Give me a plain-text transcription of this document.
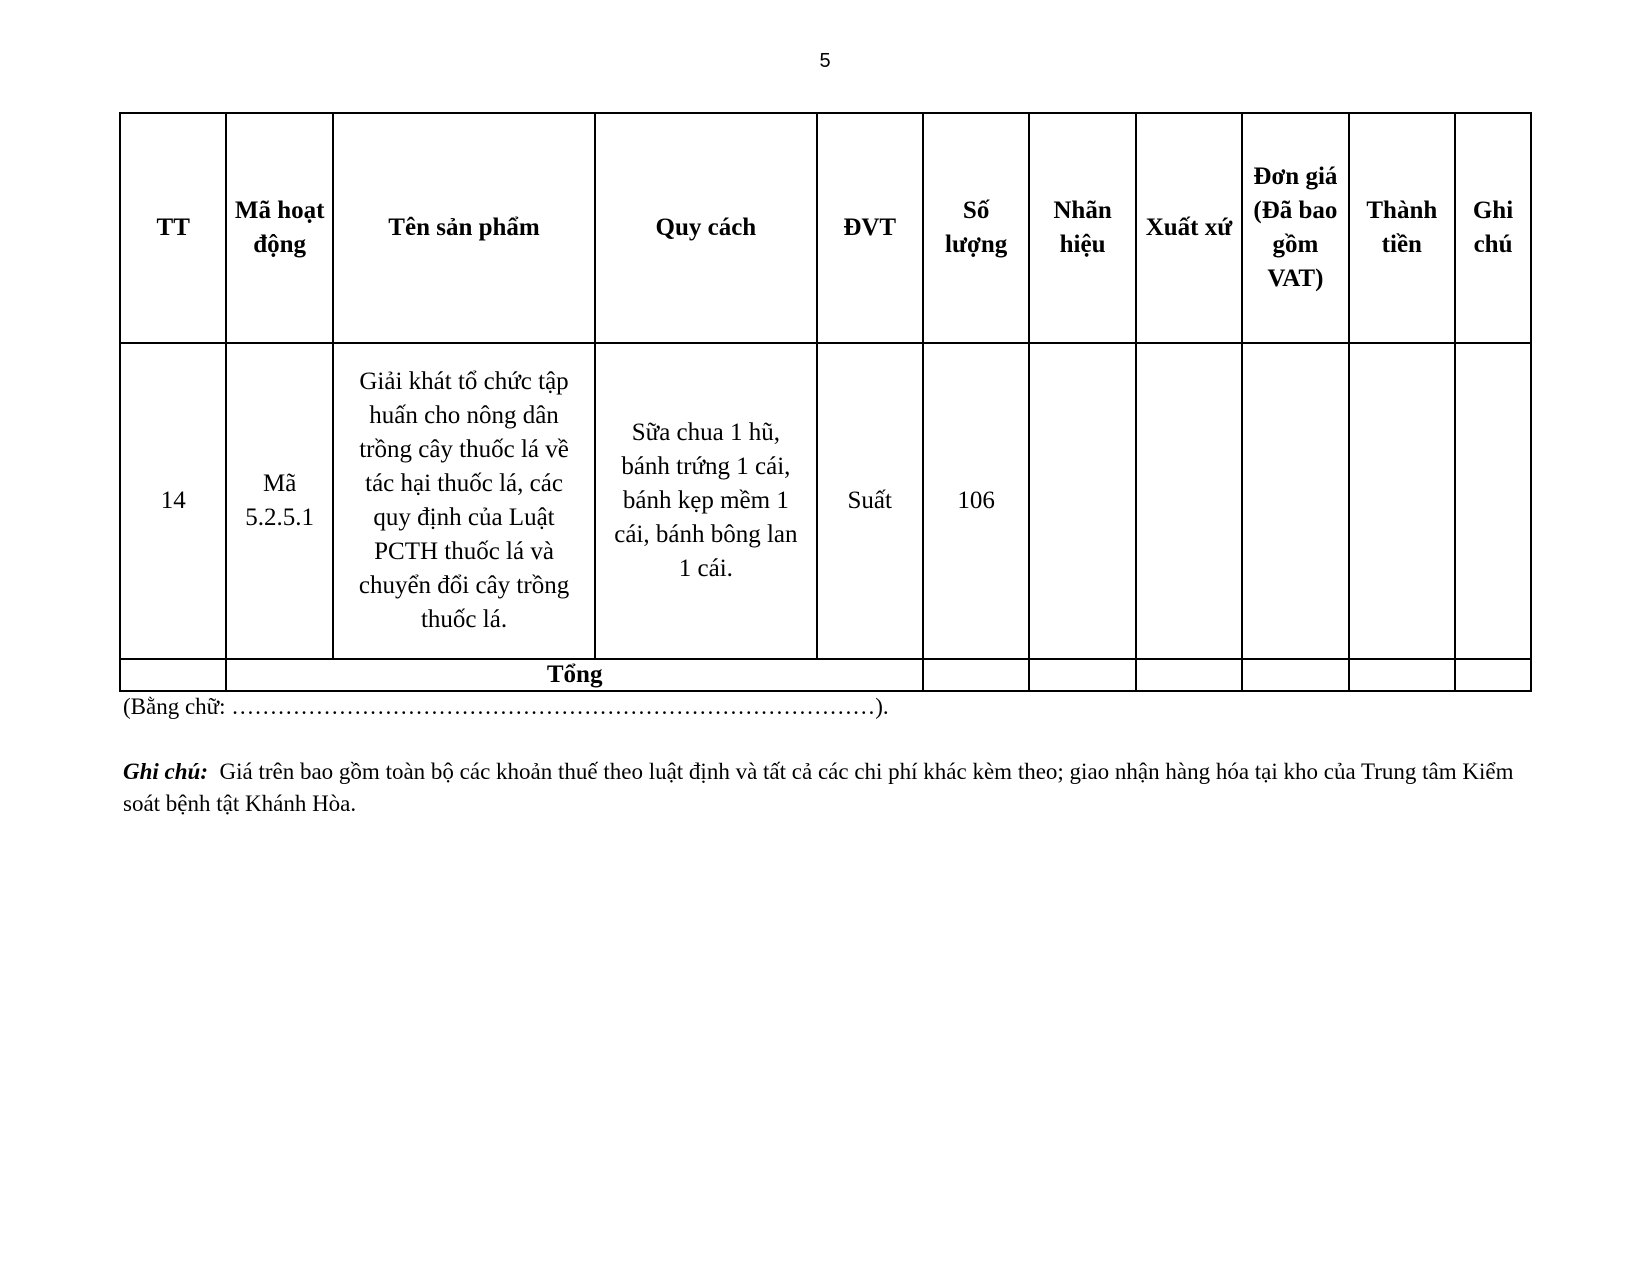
5
TT	Mã hoạt động	Tên sản phẩm	Quy cách	ĐVT	Số lượng	Nhãn hiệu	Xuất xứ	Đơn giá (Đã bao gồm VAT)	Thành tiền	Ghi chú
14	Mã 5.2.5.1	Giải khát tổ chức tập huấn cho nông dân trồng cây thuốc lá về tác hại thuốc lá, các quy định của Luật PCTH thuốc lá và chuyển đổi cây trồng thuốc lá.	Sữa chua 1 hũ, bánh trứng 1 cái, bánh kẹp mềm 1 cái, bánh bông lan 1 cái.	Suất	106					
	Tổng									
(Bằng chữ: …………………………………………………………………………).
Ghi chú: Giá trên bao gồm toàn bộ các khoản thuế theo luật định và tất cả các chi phí khác kèm theo; giao nhận hàng hóa tại kho của Trung tâm Kiểm soát bệnh tật Khánh Hòa.
